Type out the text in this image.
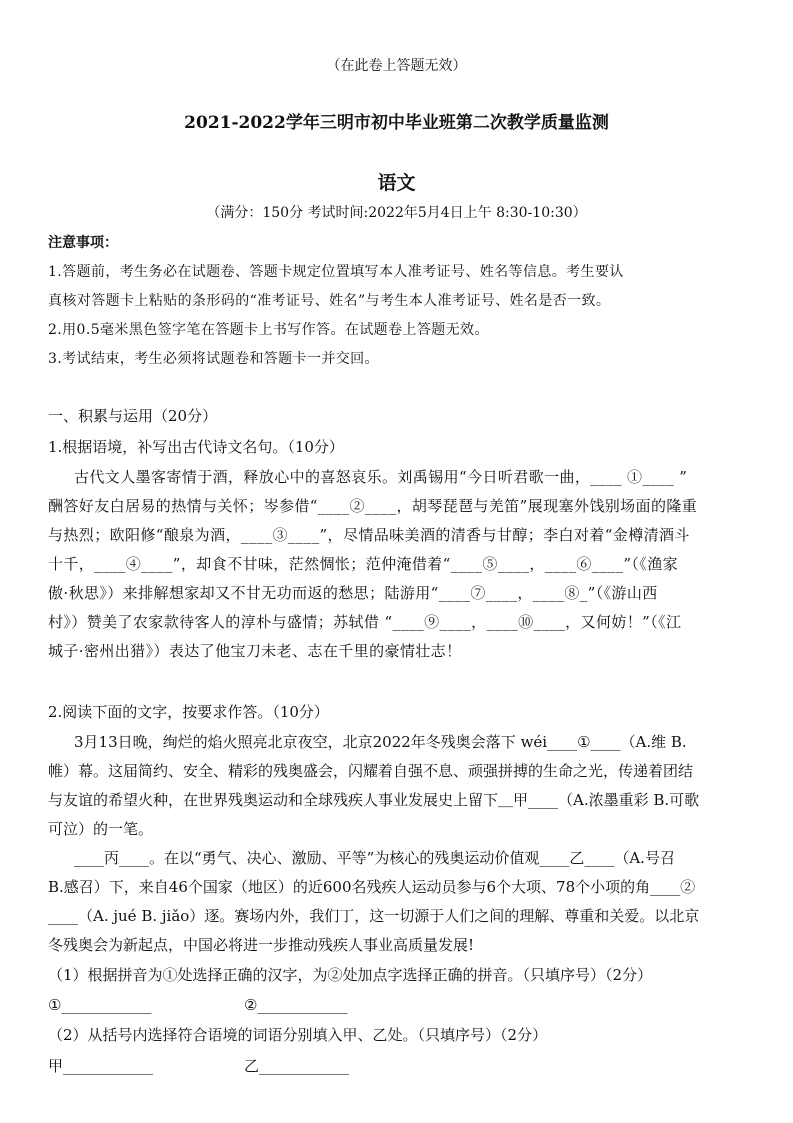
（在此卷上答题无效）
2021-2022学年三明市初中毕业班第二次教学质量监测
语文
（满分：150分 考试时间:2022年5月4日上午 8:30-10:30）
注意事项：
1.答题前，考生务必在试题卷、答题卡规定位置填写本人准考证号、姓名等信息。考生要认
真核对答题卡上粘贴的条形码的“准考证号、姓名”与考生本人准考证号、姓名是否一致。
2.用0.5毫米黑色签字笔在答题卡上书写作答。在试题卷上答题无效。
3.考试结束，考生必须将试题卷和答题卡一并交回。
一、积累与运用（20分）
1.根据语境，补写出古代诗文名句。（10分）
古代文人墨客寄情于酒，释放心中的喜怒哀乐。刘禹锡用“今日听君歌一曲，____ ①____ ”
酬答好友白居易的热情与关怀；岑参借“____②____，胡琴琵琶与羌笛”展现塞外饯别场面的隆重
与热烈；欧阳修“酿泉为酒，____③____”，尽情品味美酒的清香与甘醇；李白对着“金樽清酒斗
十千，____④____”，却食不甘味，茫然惆怅；范仲淹借着“____⑤____，____⑥____”（《渔家
傲·秋思》）来排解想家却又不甘无功而返的愁思；陆游用“____⑦____，____⑧_”（《游山西
村》）赞美了农家款待客人的淳朴与盛情；苏轼借 “____⑨____，____⑩____，又何妨！”（《江
城子·密州出猎》）表达了他宝刀未老、志在千里的豪情壮志！
2.阅读下面的文字，按要求作答。（10分）
3月13日晚，绚烂的焰火照亮北京夜空，北京2022年冬残奥会落下 wéi____①____（A.维 B.
帷）幕。这届简约、安全、精彩的残奥盛会，闪耀着自强不息、顽强拼搏的生命之光，传递着团结
与友谊的希望火种，在世界残奥运动和全球残疾人事业发展史上留下＿甲____（A.浓墨重彩 B.可歌
可泣）的一笔。
____丙____。在以“勇气、决心、激励、平等”为核心的残奥运动价值观____乙____（A.号召
B.感召）下，来自46个国家（地区）的近600名残疾人运动员参与6个大项、78个小项的角____②
____（A. jué B. jiǎo）逐。赛场内外，我们丁，这一切源于人们之间的理解、尊重和关爱。以北京
冬残奥会为新起点，中国必将进一步推动残疾人事业高质量发展!
（1）根据拼音为①处选择正确的汉字，为②处加点字选择正确的拼音。（只填序号）（2分）
①____________	②____________
（2）从括号内选择符合语境的词语分别填入甲、乙处。（只填序号）（2分）
甲____________	乙____________
